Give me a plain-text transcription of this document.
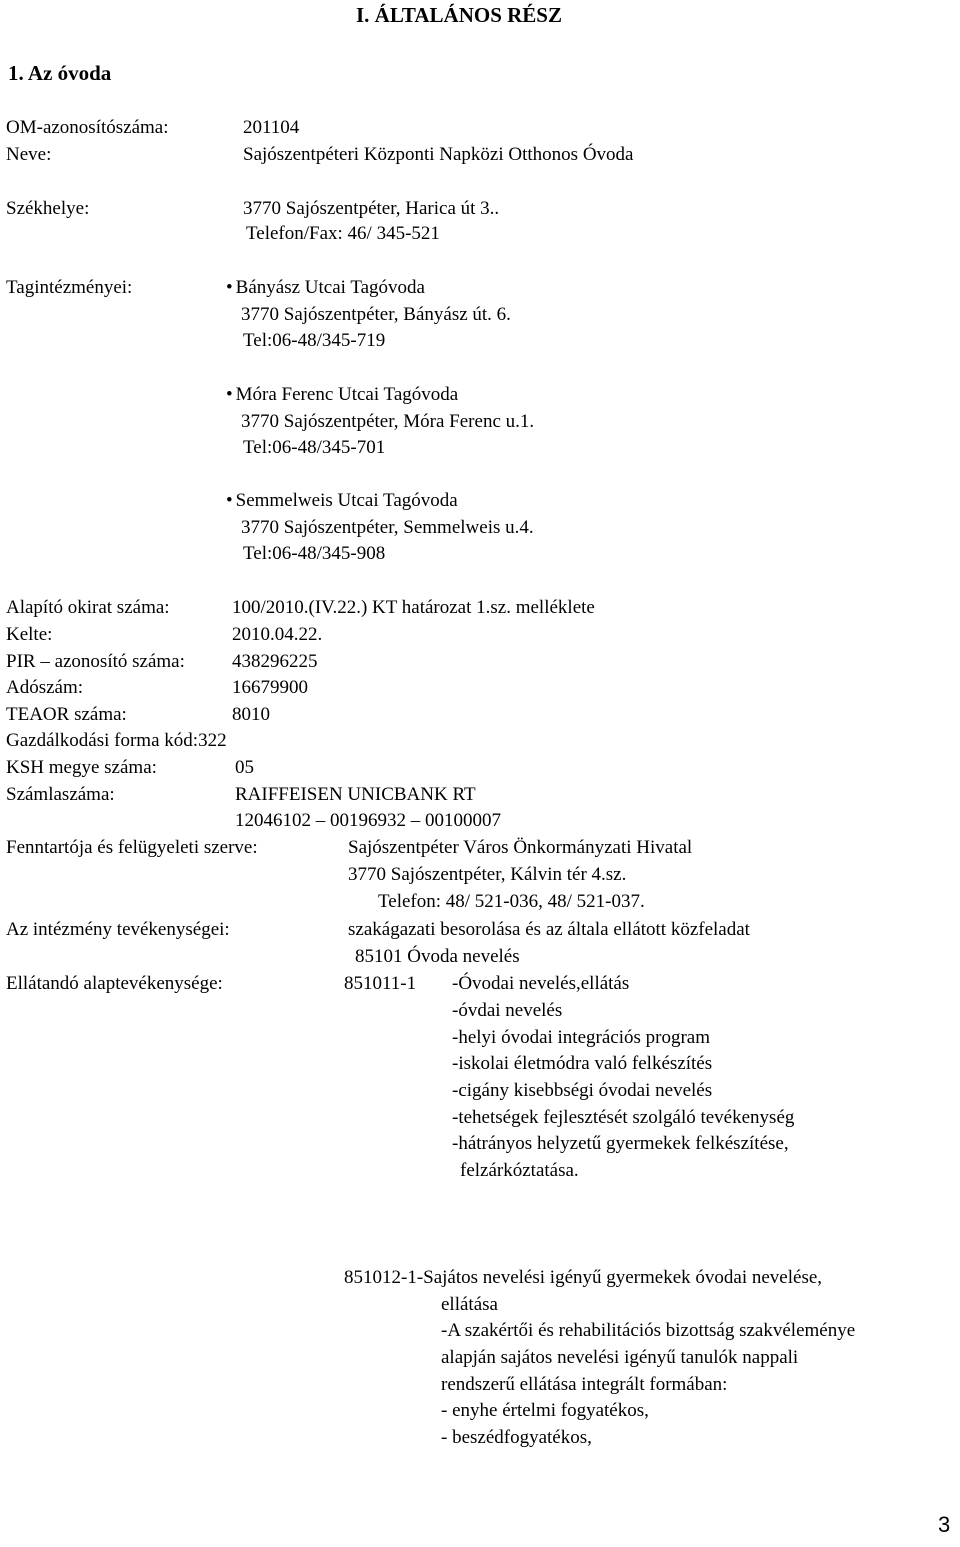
I. ÁLTALÁNOS RÉSZ
1. Az óvoda
OM-azonosítószáma:	201104
Neve:	Sajószentpéteri Központi Napközi Otthonos Óvoda
Székhelye:	3770 Sajószentpéter, Harica út 3..
Telefon/Fax: 46/ 345-521
Tagintézményei:	• Bányász Utcai Tagóvoda
3770 Sajószentpéter, Bányász út. 6.
Tel:06-48/345-719
• Móra Ferenc Utcai Tagóvoda
3770 Sajószentpéter, Móra Ferenc u.1.
Tel:06-48/345-701
• Semmelweis Utcai Tagóvoda
3770 Sajószentpéter, Semmelweis u.4.
Tel:06-48/345-908
Alapító okirat száma:	100/2010.(IV.22.) KT határozat 1.sz. melléklete
Kelte:	2010.04.22.
PIR – azonosító száma: 438296225
Adószám:	16679900
TEAOR száma:	8010
Gazdálkodási forma kód:322
KSH megye száma:	05
Számlaszáma:	RAIFFEISEN UNICBANK RT
12046102 – 00196932 – 00100007
Fenntartója és felügyeleti szerve:	Sajószentpéter Város Önkormányzati Hivatal
3770 Sajószentpéter, Kálvin tér 4.sz.
Telefon: 48/ 521-036, 48/ 521-037.
Az intézmény tevékenységei:	szakágazati besorolása és az általa ellátott közfeladat
85101 Óvoda nevelés
Ellátandó alaptevékenysége:	851011-1 -Óvodai nevelés,ellátás
-óvdai nevelés
-helyi óvodai integrációs program
-iskolai életmódra való felkészítés
-cigány kisebbségi óvodai nevelés
-tehetségek fejlesztését szolgáló tevékenység
-hátrányos helyzetű gyermekek felkészítése,
felzárkóztatása.
851012-1-Sajátos nevelési igényű gyermekek óvodai nevelése,
ellátása
-A szakértői és rehabilitációs bizottság szakvéleménye
alapján sajátos nevelési igényű tanulók nappali
rendszerű ellátása integrált formában:
- enyhe értelmi fogyatékos,
- beszédfogyatékos,
3
